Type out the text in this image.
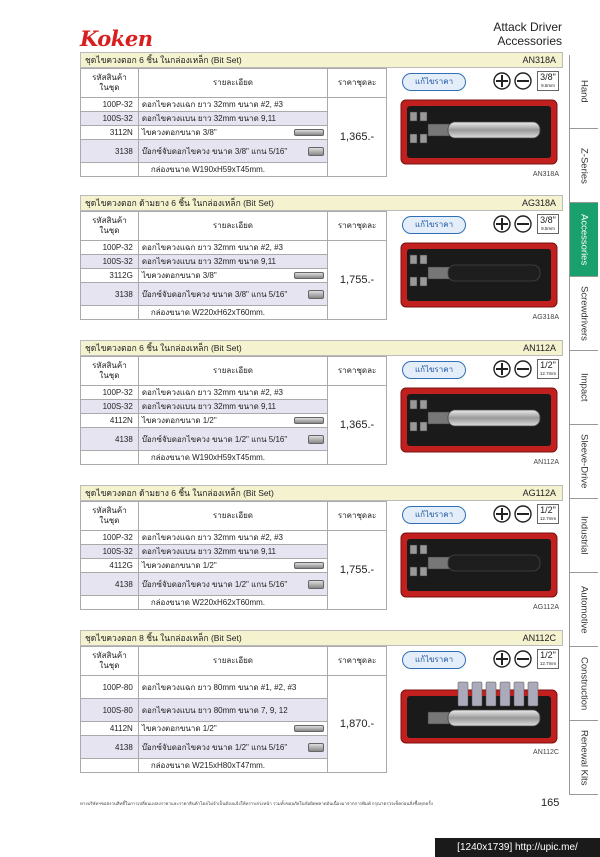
Koken	Attack Driver
Accessories
Hand
Z-Series
Accessories
Screwdrivers
Impact
Sleeve-Drive
Industrial
Automotive
Construction
Renewal Kits
ชุดไขควงตอก 6 ชิ้น ในกล่องเหล็ก (Bit Set)	AN318A
รหัสสินค้า
ในชุด	รายละเอียด	ราคาชุดละ
100P-32	ดอกไขควงแฉก ยาว 32mm ขนาด #2, #3	1,365.-
100S-32	ดอกไขควงแบน ยาว 32mm ขนาด 9,11	

3112N	ไขควงตอกขนาด 3/8"	

3138	บ๊อกซ์จับดอกไขควง ขนาด 3/8" แกน 5/16"	

	กล่องขนาด W190xH59xT45mm.	
แก้ไขราคา	3/8"
9.5mm
AN318A
ชุดไขควงตอก ด้ามยาง 6 ชิ้น ในกล่องเหล็ก (Bit Set)	AG318A
รหัสสินค้า
ในชุด	รายละเอียด	ราคาชุดละ
100P-32	ดอกไขควงแฉก ยาว 32mm ขนาด #2, #3	1,755.-
100S-32	ดอกไขควงแบน ยาว 32mm ขนาด 9,11	

3112G	ไขควงตอกขนาด 3/8"	

3138	บ๊อกซ์จับดอกไขควง ขนาด 3/8" แกน 5/16"	

	กล่องขนาด W220xH62xT60mm.	
แก้ไขราคา	3/8"
9.5mm
AG318A
ชุดไขควงตอก 6 ชิ้น ในกล่องเหล็ก (Bit Set)	AN112A
รหัสสินค้า
ในชุด	รายละเอียด	ราคาชุดละ
100P-32	ดอกไขควงแฉก ยาว 32mm ขนาด #2, #3	1,365.-
100S-32	ดอกไขควงแบน ยาว 32mm ขนาด 9,11	

4112N	ไขควงตอกขนาด 1/2"	

4138	บ๊อกซ์จับดอกไขควง ขนาด 1/2" แกน 5/16"	

	กล่องขนาด W190xH59xT45mm.	
แก้ไขราคา	1/2"
12.7mm
AN112A
ชุดไขควงตอก ด้ามยาง 6 ชิ้น ในกล่องเหล็ก (Bit Set)	AG112A
รหัสสินค้า
ในชุด	รายละเอียด	ราคาชุดละ
100P-32	ดอกไขควงแฉก ยาว 32mm ขนาด #2, #3	1,755.-
100S-32	ดอกไขควงแบน ยาว 32mm ขนาด 9,11	

4112G	ไขควงตอกขนาด 1/2"	

4138	บ๊อกซ์จับดอกไขควง ขนาด 1/2" แกน 5/16"	

	กล่องขนาด W220xH62xT60mm.	
แก้ไขราคา	1/2"
12.7mm
AG112A
ชุดไขควงตอก 8 ชิ้น ในกล่องเหล็ก (Bit Set)	AN112C
รหัสสินค้า
ในชุด	รายละเอียด	ราคาชุดละ
100P-80	ดอกไขควงแฉก ยาว 80mm ขนาด #1, #2, #3	1,870.-
100S-80	ดอกไขควงแบน ยาว 80mm ขนาด 7, 9, 12	

4112N	ไขควงตอกขนาด 1/2"	

4138	บ๊อกซ์จับดอกไขควง ขนาด 1/2" แกน 5/16"	

	กล่องขนาด W215xH80xT47mm.	
แก้ไขราคา	1/2"
12.7mm
AN112C
ทางบริษัทฯขอสงวนสิทธิ์ในการเปลี่ยนแปลงราคาและราคาสินค้าโดยไม่จำเป็นต้องแจ้งให้ทราบล่วงหน้า รวมทั้งขออภัยในข้อผิดพลาดอันเนื่องมาจากการพิมพ์ กรุณาตรวจเช็คก่อนสั่งซื้อทุกครั้ง	165
[1240x1739] http://upic.me/
